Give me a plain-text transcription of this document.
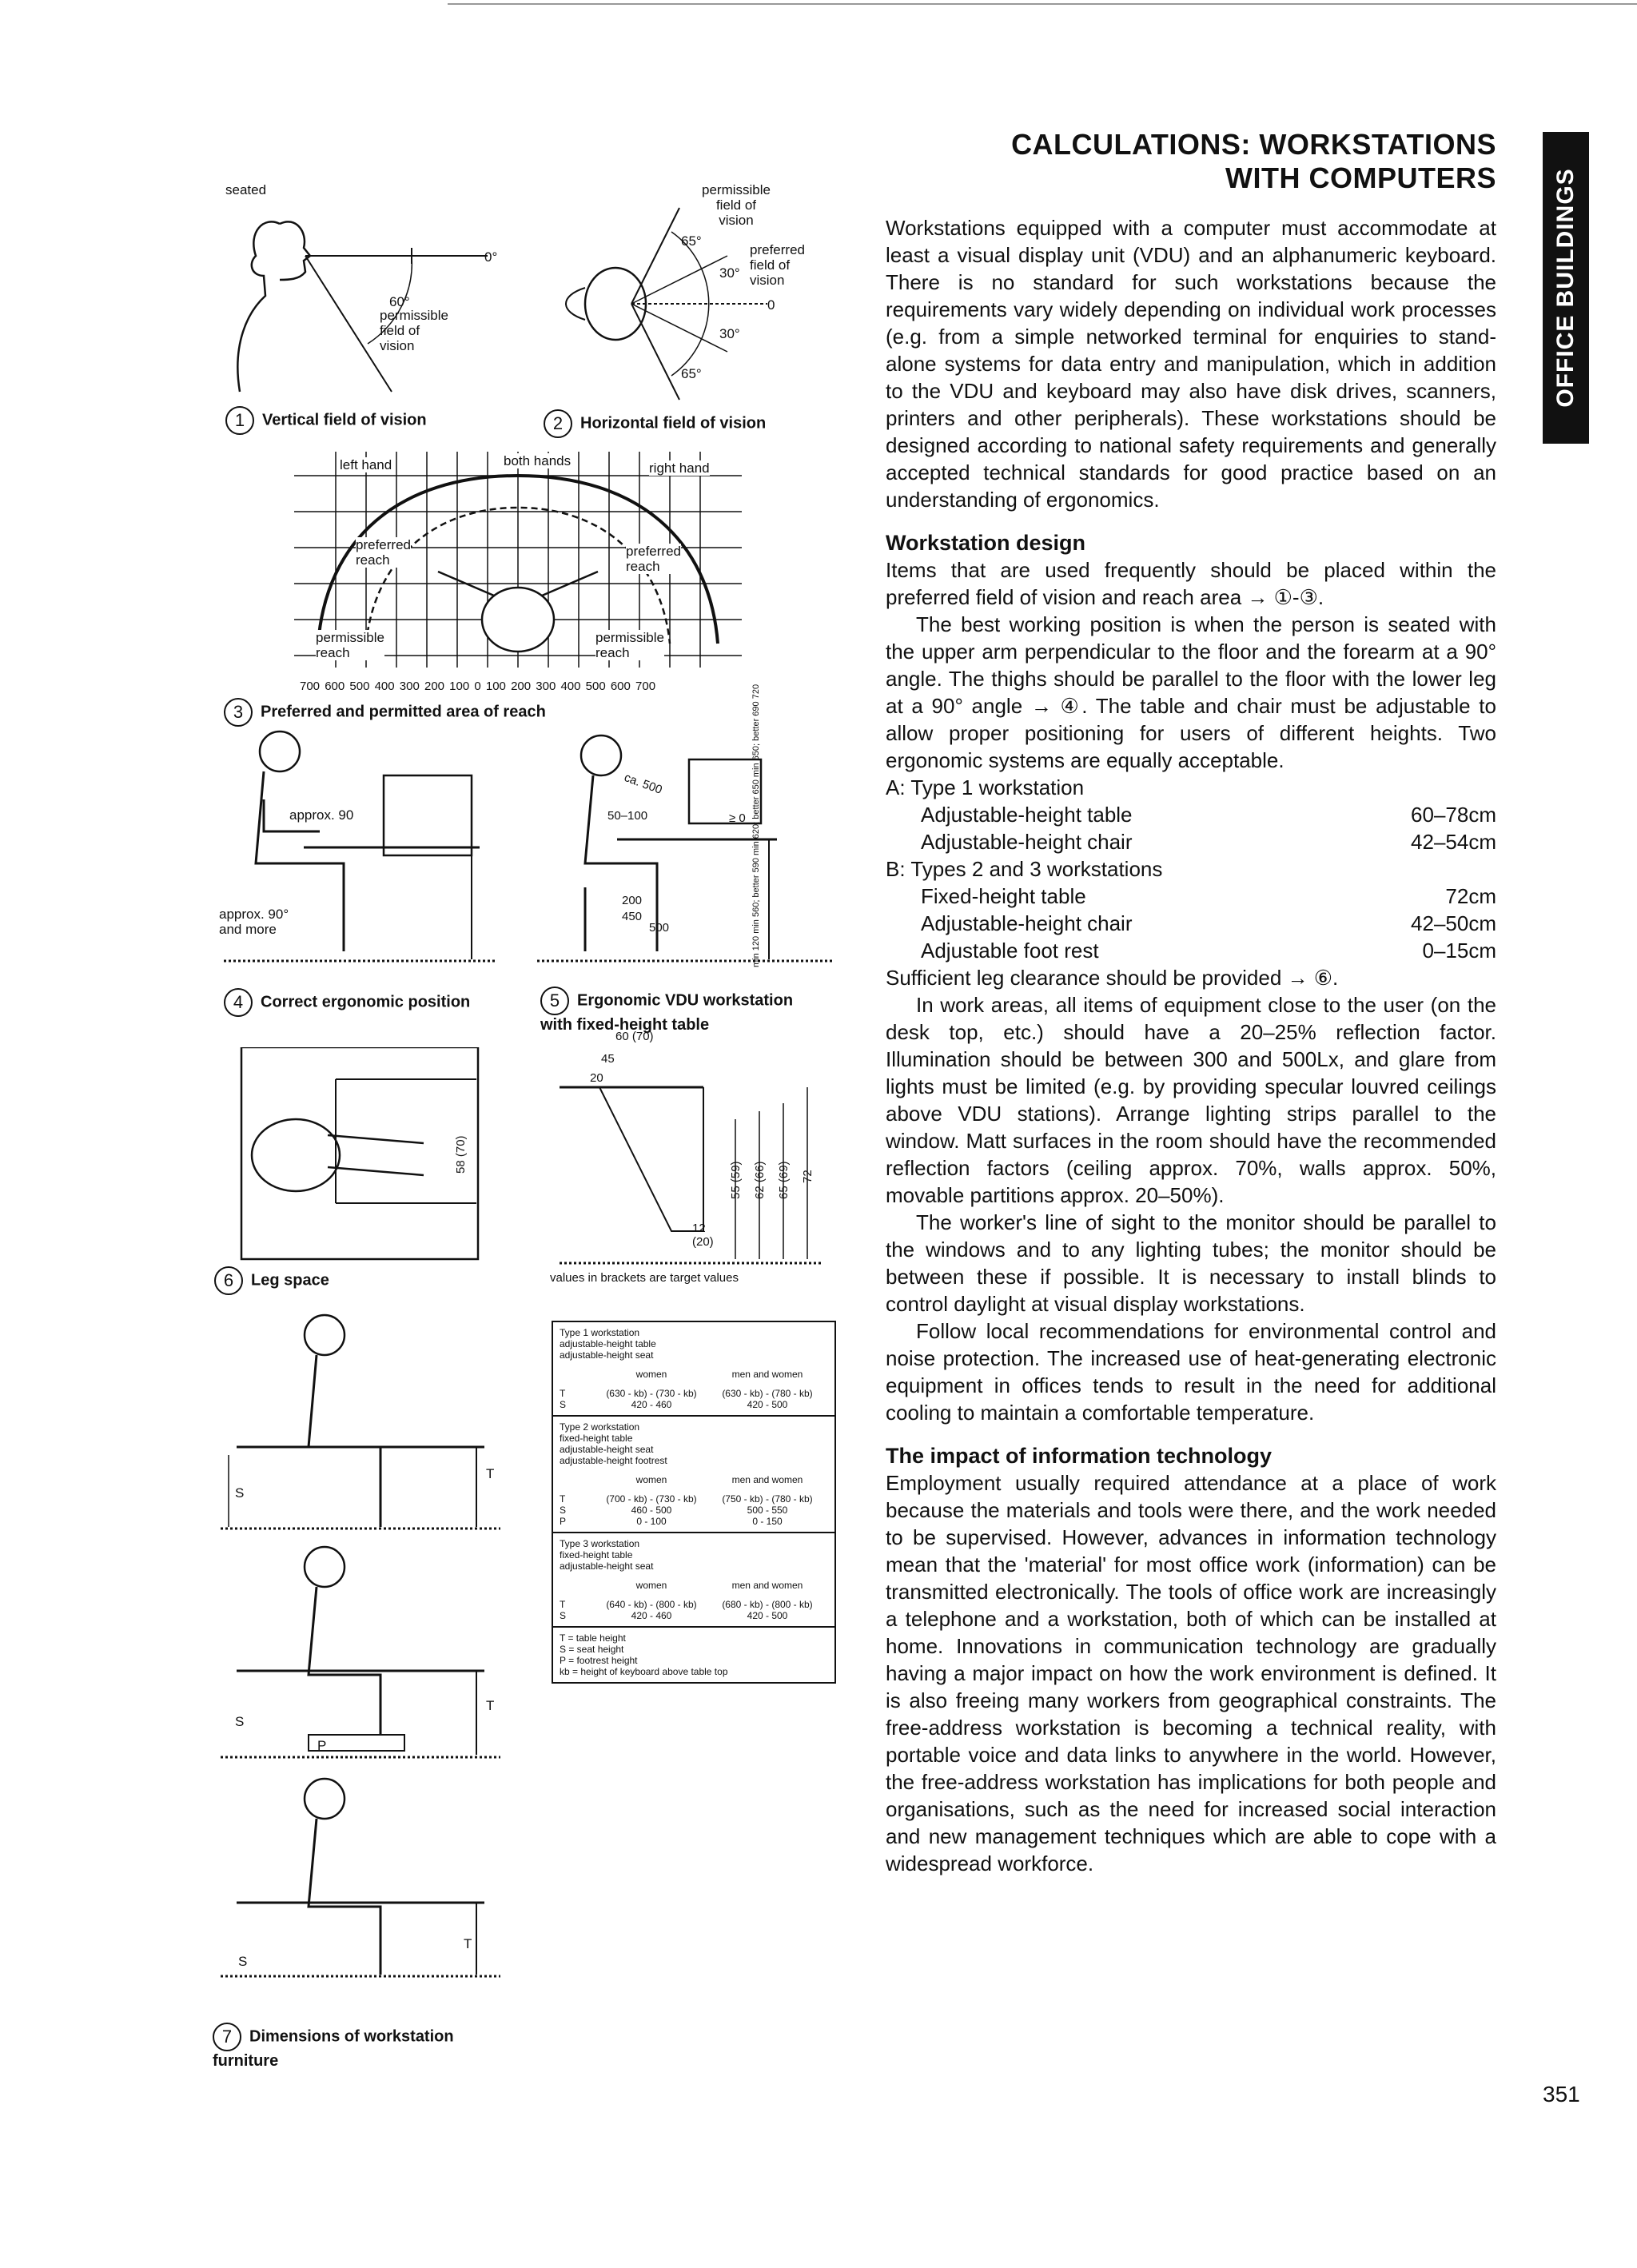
CALCULATIONS: WORKSTATIONS
WITH COMPUTERS OFFICE BUILDINGS

Workstations equipped with a computer must accommodate at least a visual display unit (VDU) and an alphanumeric keyboard. There is no standard for such workstations because the requirements vary widely depending on individual work processes (e.g. from a simple networked terminal for enquiries to stand-alone systems for data entry and manipulation, which in addition to the VDU and keyboard may also have disk drives, scanners, printers and other peripherals). These workstations should be designed according to national safety requirements and generally accepted technical standards for good practice based on an understanding of ergonomics.

Workstation design

Items that are used frequently should be placed within the preferred field of vision and reach area → ①-③.

The best working position is when the person is seated with the upper arm perpendicular to the floor and the forearm at a 90° angle. The thighs should be parallel to the floor with the lower leg at a 90° angle → ④. The table and chair must be adjustable to allow proper positioning for users of different heights. Two ergonomic systems are equally acceptable.

A: Type 1 workstation
Adjustable-height table	60–78cm
Adjustable-height chair	42–54cm
B: Types 2 and 3 workstations
Fixed-height table	72cm
Adjustable-height chair	42–50cm
Adjustable foot rest	0–15cm

Sufficient leg clearance should be provided → ⑥.

In work areas, all items of equipment close to the user (on the desk top, etc.) should have a 20–25% reflection factor. Illumination should be between 300 and 500Lx, and glare from lights must be limited (e.g. by providing specular louvred ceilings above VDU stations). Arrange lighting strips parallel to the window. Matt surfaces in the room should have the recommended reflection factors (ceiling approx. 70%, walls approx. 50%, movable partitions approx. 20–50%).

The worker's line of sight to the monitor should be parallel to the windows and to any lighting tubes; the monitor should be between these if possible. It is necessary to install blinds to control daylight at visual display workstations.

Follow local recommendations for environmental control and noise protection. The increased use of heat-generating electronic equipment in offices tends to result in the need for additional cooling to maintain a comfortable temperature.

The impact of information technology

Employment usually required attendance at a place of work because the materials and tools were there, and the work needed to be supervised. However, advances in information technology mean that the 'material' for most office work (information) can be transmitted electronically. The tools of office work are increasingly a telephone and a workstation, both of which can be installed at home. Innovations in communication technology are gradually having a major impact on how the work environment is defined. It is also freeing many workers from geographical constraints. The free-address workstation is becoming a technical reality, with portable voice and data links to anywhere in the world. However, the free-address workstation has implications for both people and organisations, such as the need for increased social interaction and new management techniques which are able to cope with a widespread workforce.

351
seated
0°
60°
permissible
field of
vision
1 Vertical field of vision
permissible
field of
vision
preferred
field of
vision
65°
30°
0
30°
65°
2 Horizontal field of vision
left hand	both hands	right hand
preferred
reach
preferred
reach
permissible
reach
permissible
reach
700 600 500 400 300 200 100 0 100 200 300 400 500 600 700
3 Preferred and permitted area of reach
approx. 90
approx. 90°
and more
4 Correct ergonomic position
ca. 500
50–100	≥ 0
200
450
500	min 120 min 560; better 590 min 620; better 650 min 650; better 690 720
5 Ergonomic VDU workstation
with fixed-height table
58 (70)
60 (70)
45
20
55 (59) 62 (66) 65 (69) 72
12
(20)
values in brackets are target values
6 Leg space
S
T
S
T
P
S
T
7 Dimensions of workstation
furniture
Type 1 workstation
adjustable-height table
adjustable-height seat
women	men and women
T	(630 - kb) - (730 - kb)	(630 - kb) - (780 - kb)
S	420 - 460	420 - 500
Type 2 workstation
fixed-height table
adjustable-height seat
adjustable-height footrest
women	men and women
T	(700 - kb) - (730 - kb)	(750 - kb) - (780 - kb)
S	460 - 500	500 - 550
P	0 - 100	0 - 150
Type 3 workstation
fixed-height table
adjustable-height seat
women	men and women
T	(640 - kb) - (800 - kb)	(680 - kb) - (800 - kb)
S	420 - 460	420 - 500
T = table height
S = seat height
P = footrest height
kb = height of keyboard above table top
